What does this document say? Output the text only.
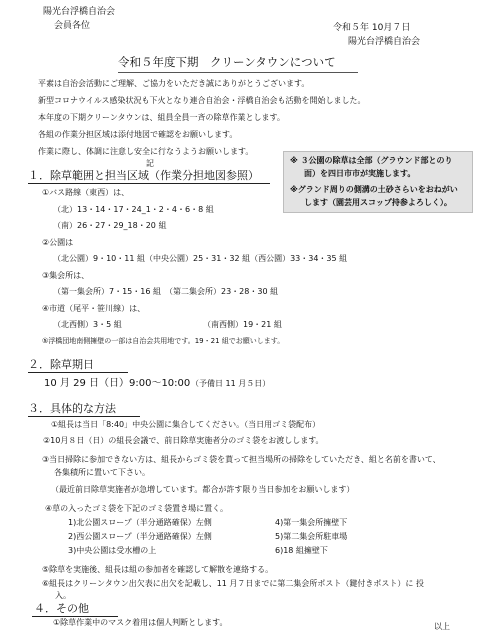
陽光台浮橋自治会
会員各位	令和５年 10月７日
陽光台浮橋自治会
令和５年度下期　クリーンタウンについて
平素は自治会活動にご理解、ご協力をいただき誠にありがとうございます。
新型コロナウイルス感染状況も下火となり連合自治会・浮橋自治会も活動を開始しました。
本年度の下期クリーンタウンは、組員全員一斉の除草作業とします。
各組の作業分担区域は添付地図で確認をお願いします。
作業に際し、体調に注意し安全に行なうようお願いします。
記	※ ３公園の除草は全部（グラウンド部とのり
面）を四日市市が実施します。
※グランド周りの側溝の土砂さらいをおねがい
します（園芸用スコップ持参よろしく）。
１．除草範囲と担当区域（作業分担地図参照）
①バス路線（東西）は、
（北）13・14・17・24_1・2・4・6・8 組
（南）26・27・29_18・20 組
②公園は
（北公園）9・10・11 組（中央公園）25・31・32 組（西公園）33・34・35 組
③集会所は、
（第一集会所）7・15・16 組　（第二集会所）23・28・30 組
④市道（尾平・笹川線）は、
（北西側）3・5 組	（南西側）19・21 組
⑤浮橋団地南側擁壁の一部は自治会共用地です。19・21 組でお願いします。
２．除草期日
10 月 29 日（日）9:00～10:00 （予備日 11 月５日）
３．具体的な方法
①組長は当日「8:40」中央公園に集合してください。（当日用ゴミ袋配布）
②10月８日（日）の組長会議で、前日除草実施者分のゴミ袋をお渡しします。
③当日掃除に参加できない方は、組長からゴミ袋を貰って担当場所の掃除をしていただき、組と名前を書いて、
各集積所に置いて下さい。
（最近前日除草実施者が急増しています。都合が許す限り当日参加をお願いします）
④草の入ったゴミ袋を下記のゴミ袋置き場に置く。
1)北公園スロープ（半分通路確保）左側	4)第一集会所擁壁下
2)西公園スロープ（半分通路確保）左側	5)第二集会所駐車場
3)中央公園は受水槽の上	6)18 組擁壁下
⑤除草を実施後、組長は組の参加者を確認して解散を連絡する。
⑥組長はクリーンタウン出欠表に出欠を記載し、11 月７日までに第二集会所ポスト（鍵付きポスト）に 投
入。
４．その他
①除草作業中のマスク着用は個人判断とします。	以上
